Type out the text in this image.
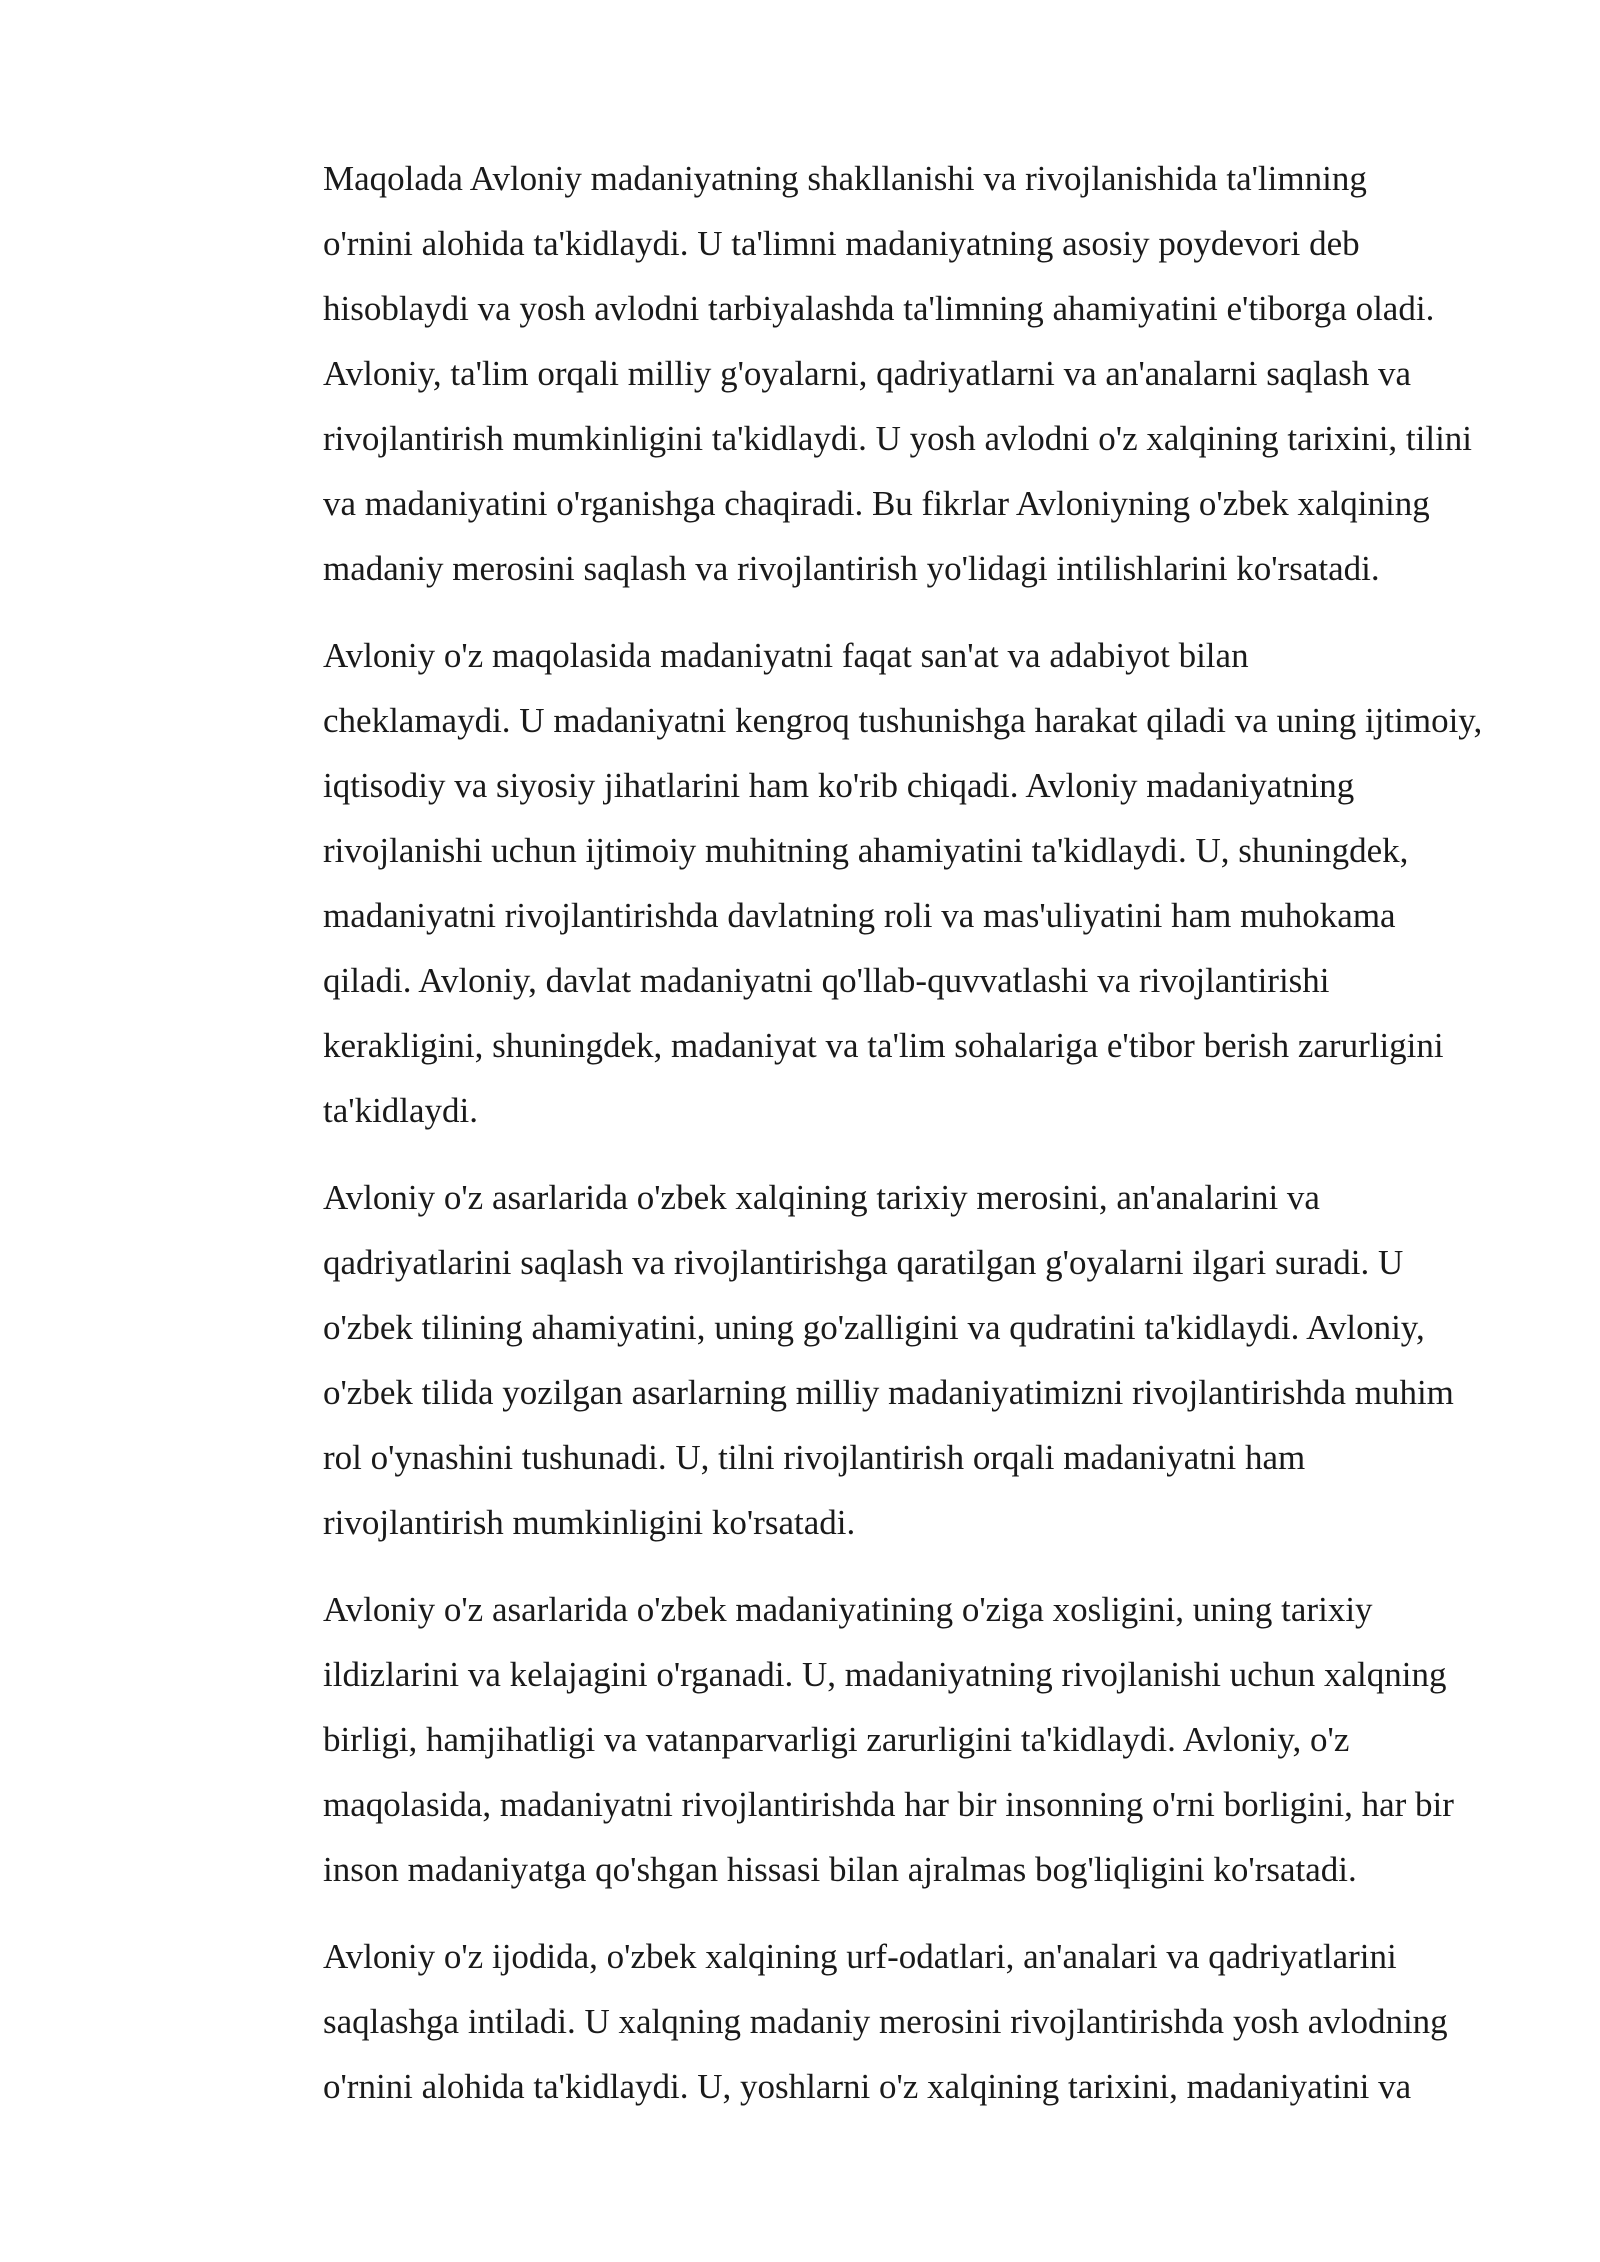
Maqolada Avloniy madaniyatning shakllanishi va rivojlanishida ta'limning
o'rnini alohida ta'kidlaydi. U ta'limni madaniyatning asosiy poydevori deb
hisoblaydi va yosh avlodni tarbiyalashda ta'limning ahamiyatini e'tiborga oladi.
Avloniy, ta'lim orqali milliy g'oyalarni, qadriyatlarni va an'analarni saqlash va
rivojlantirish mumkinligini ta'kidlaydi. U yosh avlodni o'z xalqining tarixini, tilini
va madaniyatini o'rganishga chaqiradi. Bu fikrlar Avloniyning o'zbek xalqining
madaniy merosini saqlash va rivojlantirish yo'lidagi intilishlarini ko'rsatadi.

Avloniy o'z maqolasida madaniyatni faqat san'at va adabiyot bilan
cheklamaydi. U madaniyatni kengroq tushunishga harakat qiladi va uning ijtimoiy,
iqtisodiy va siyosiy jihatlarini ham ko'rib chiqadi. Avloniy madaniyatning
rivojlanishi uchun ijtimoiy muhitning ahamiyatini ta'kidlaydi. U, shuningdek,
madaniyatni rivojlantirishda davlatning roli va mas'uliyatini ham muhokama
qiladi. Avloniy, davlat madaniyatni qo'llab-quvvatlashi va rivojlantirishi
kerakligini, shuningdek, madaniyat va ta'lim sohalariga e'tibor berish zarurligini
ta'kidlaydi.

Avloniy o'z asarlarida o'zbek xalqining tarixiy merosini, an'analarini va
qadriyatlarini saqlash va rivojlantirishga qaratilgan g'oyalarni ilgari suradi. U
o'zbek tilining ahamiyatini, uning go'zalligini va qudratini ta'kidlaydi. Avloniy,
o'zbek tilida yozilgan asarlarning milliy madaniyatimizni rivojlantirishda muhim
rol o'ynashini tushunadi. U, tilni rivojlantirish orqali madaniyatni ham
rivojlantirish mumkinligini ko'rsatadi.

Avloniy o'z asarlarida o'zbek madaniyatining o'ziga xosligini, uning tarixiy
ildizlarini va kelajagini o'rganadi. U, madaniyatning rivojlanishi uchun xalqning
birligi, hamjihatligi va vatanparvarligi zarurligini ta'kidlaydi. Avloniy, o'z
maqolasida, madaniyatni rivojlantirishda har bir insonning o'rni borligini, har bir
inson madaniyatga qo'shgan hissasi bilan ajralmas bog'liqligini ko'rsatadi.

Avloniy o'z ijodida, o'zbek xalqining urf-odatlari, an'analari va qadriyatlarini
saqlashga intiladi. U xalqning madaniy merosini rivojlantirishda yosh avlodning
o'rnini alohida ta'kidlaydi. U, yoshlarni o'z xalqining tarixini, madaniyatini va
